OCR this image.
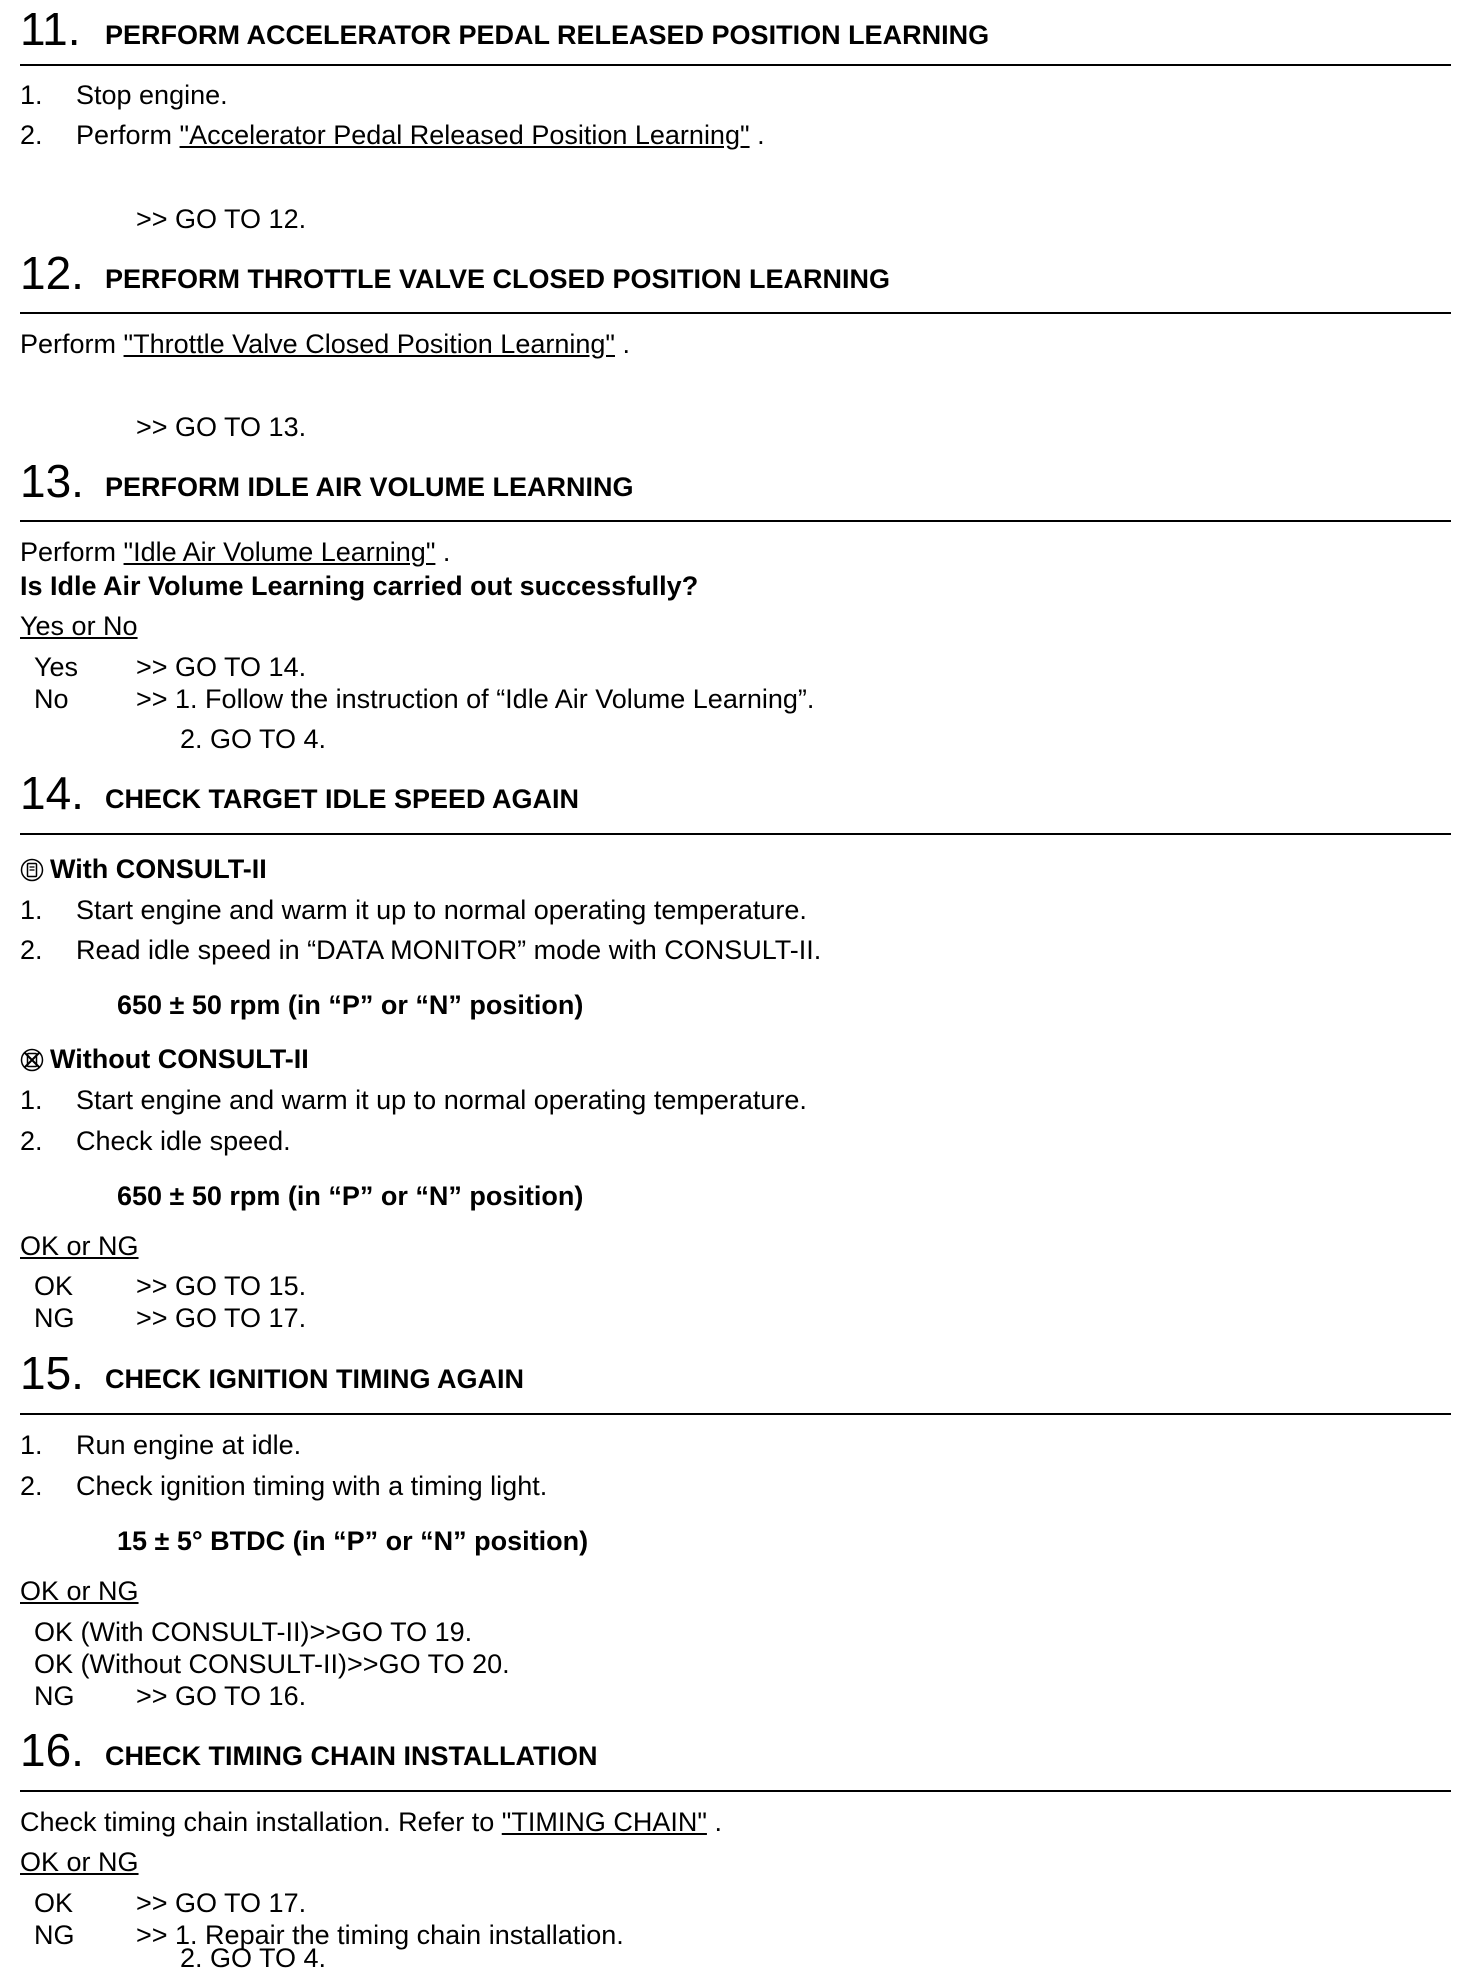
11. PERFORM ACCELERATOR PEDAL RELEASED POSITION LEARNING
1. Stop engine.
2. Perform "Accelerator Pedal Released Position Learning" .
>> GO TO 12.
12. PERFORM THROTTLE VALVE CLOSED POSITION LEARNING
Perform "Throttle Valve Closed Position Learning" .
>> GO TO 13.
13. PERFORM IDLE AIR VOLUME LEARNING
Perform "Idle Air Volume Learning" .
Is Idle Air Volume Learning carried out successfully?
Yes or No
Yes >> GO TO 14.
No >> 1. Follow the instruction of “Idle Air Volume Learning”.
2. GO TO 4.
14. CHECK TARGET IDLE SPEED AGAIN
With CONSULT-II
1. Start engine and warm it up to normal operating temperature.
2. Read idle speed in “DATA MONITOR” mode with CONSULT-II.
650 ± 50 rpm (in “P” or “N” position)
Without CONSULT-II
1. Start engine and warm it up to normal operating temperature.
2. Check idle speed.
650 ± 50 rpm (in “P” or “N” position)
OK or NG
OK >> GO TO 15.
NG >> GO TO 17.
15. CHECK IGNITION TIMING AGAIN
1. Run engine at idle.
2. Check ignition timing with a timing light.
15 ± 5° BTDC (in “P” or “N” position)
OK or NG
OK (With CONSULT-II)>>GO TO 19.
OK (Without CONSULT-II)>>GO TO 20.
NG >> GO TO 16.
16. CHECK TIMING CHAIN INSTALLATION
Check timing chain installation. Refer to "TIMING CHAIN" .
OK or NG
OK >> GO TO 17.
NG >> 1. Repair the timing chain installation.
2. GO TO 4.
